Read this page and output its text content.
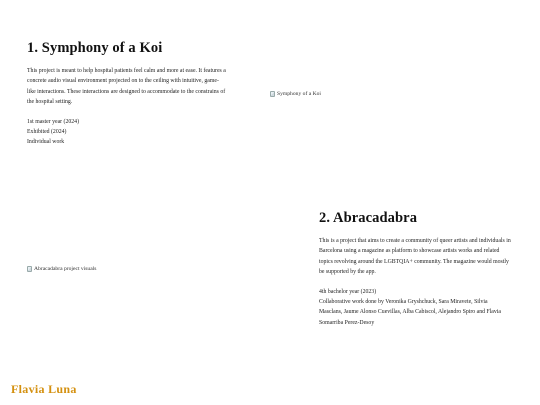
1. Symphony of a Koi

This project is meant to help hospital patients feel calm and more at ease. It features a concrete audio visual environment projected on to the ceiling with intuitive, game-like interactions. These interactions are designed to accommodate to the constrains of the hospital setting.

1st master year (2024)

Exhibited (2024)

Individual work

Symphony of a Koi
2. Abracadabra

This is a project that aims to create a community of queer artists and individuals in Barcelona using a magazine as platform to showcase artists works and related topics revolving around the LGBTQIA+ community. The magazine would mostly be supported by the app.

4th bachelor year (2023)

Collaborative work done by Veronika Gryshchuck, Sara Miravete, Silvia Masclans, Jaume Alonso Cuevillas, Alba Cabiscol, Alejandro Spiro and Flavia Somarriba Perez-Desoy

Abracadabra project visuals
Flavia Luna
